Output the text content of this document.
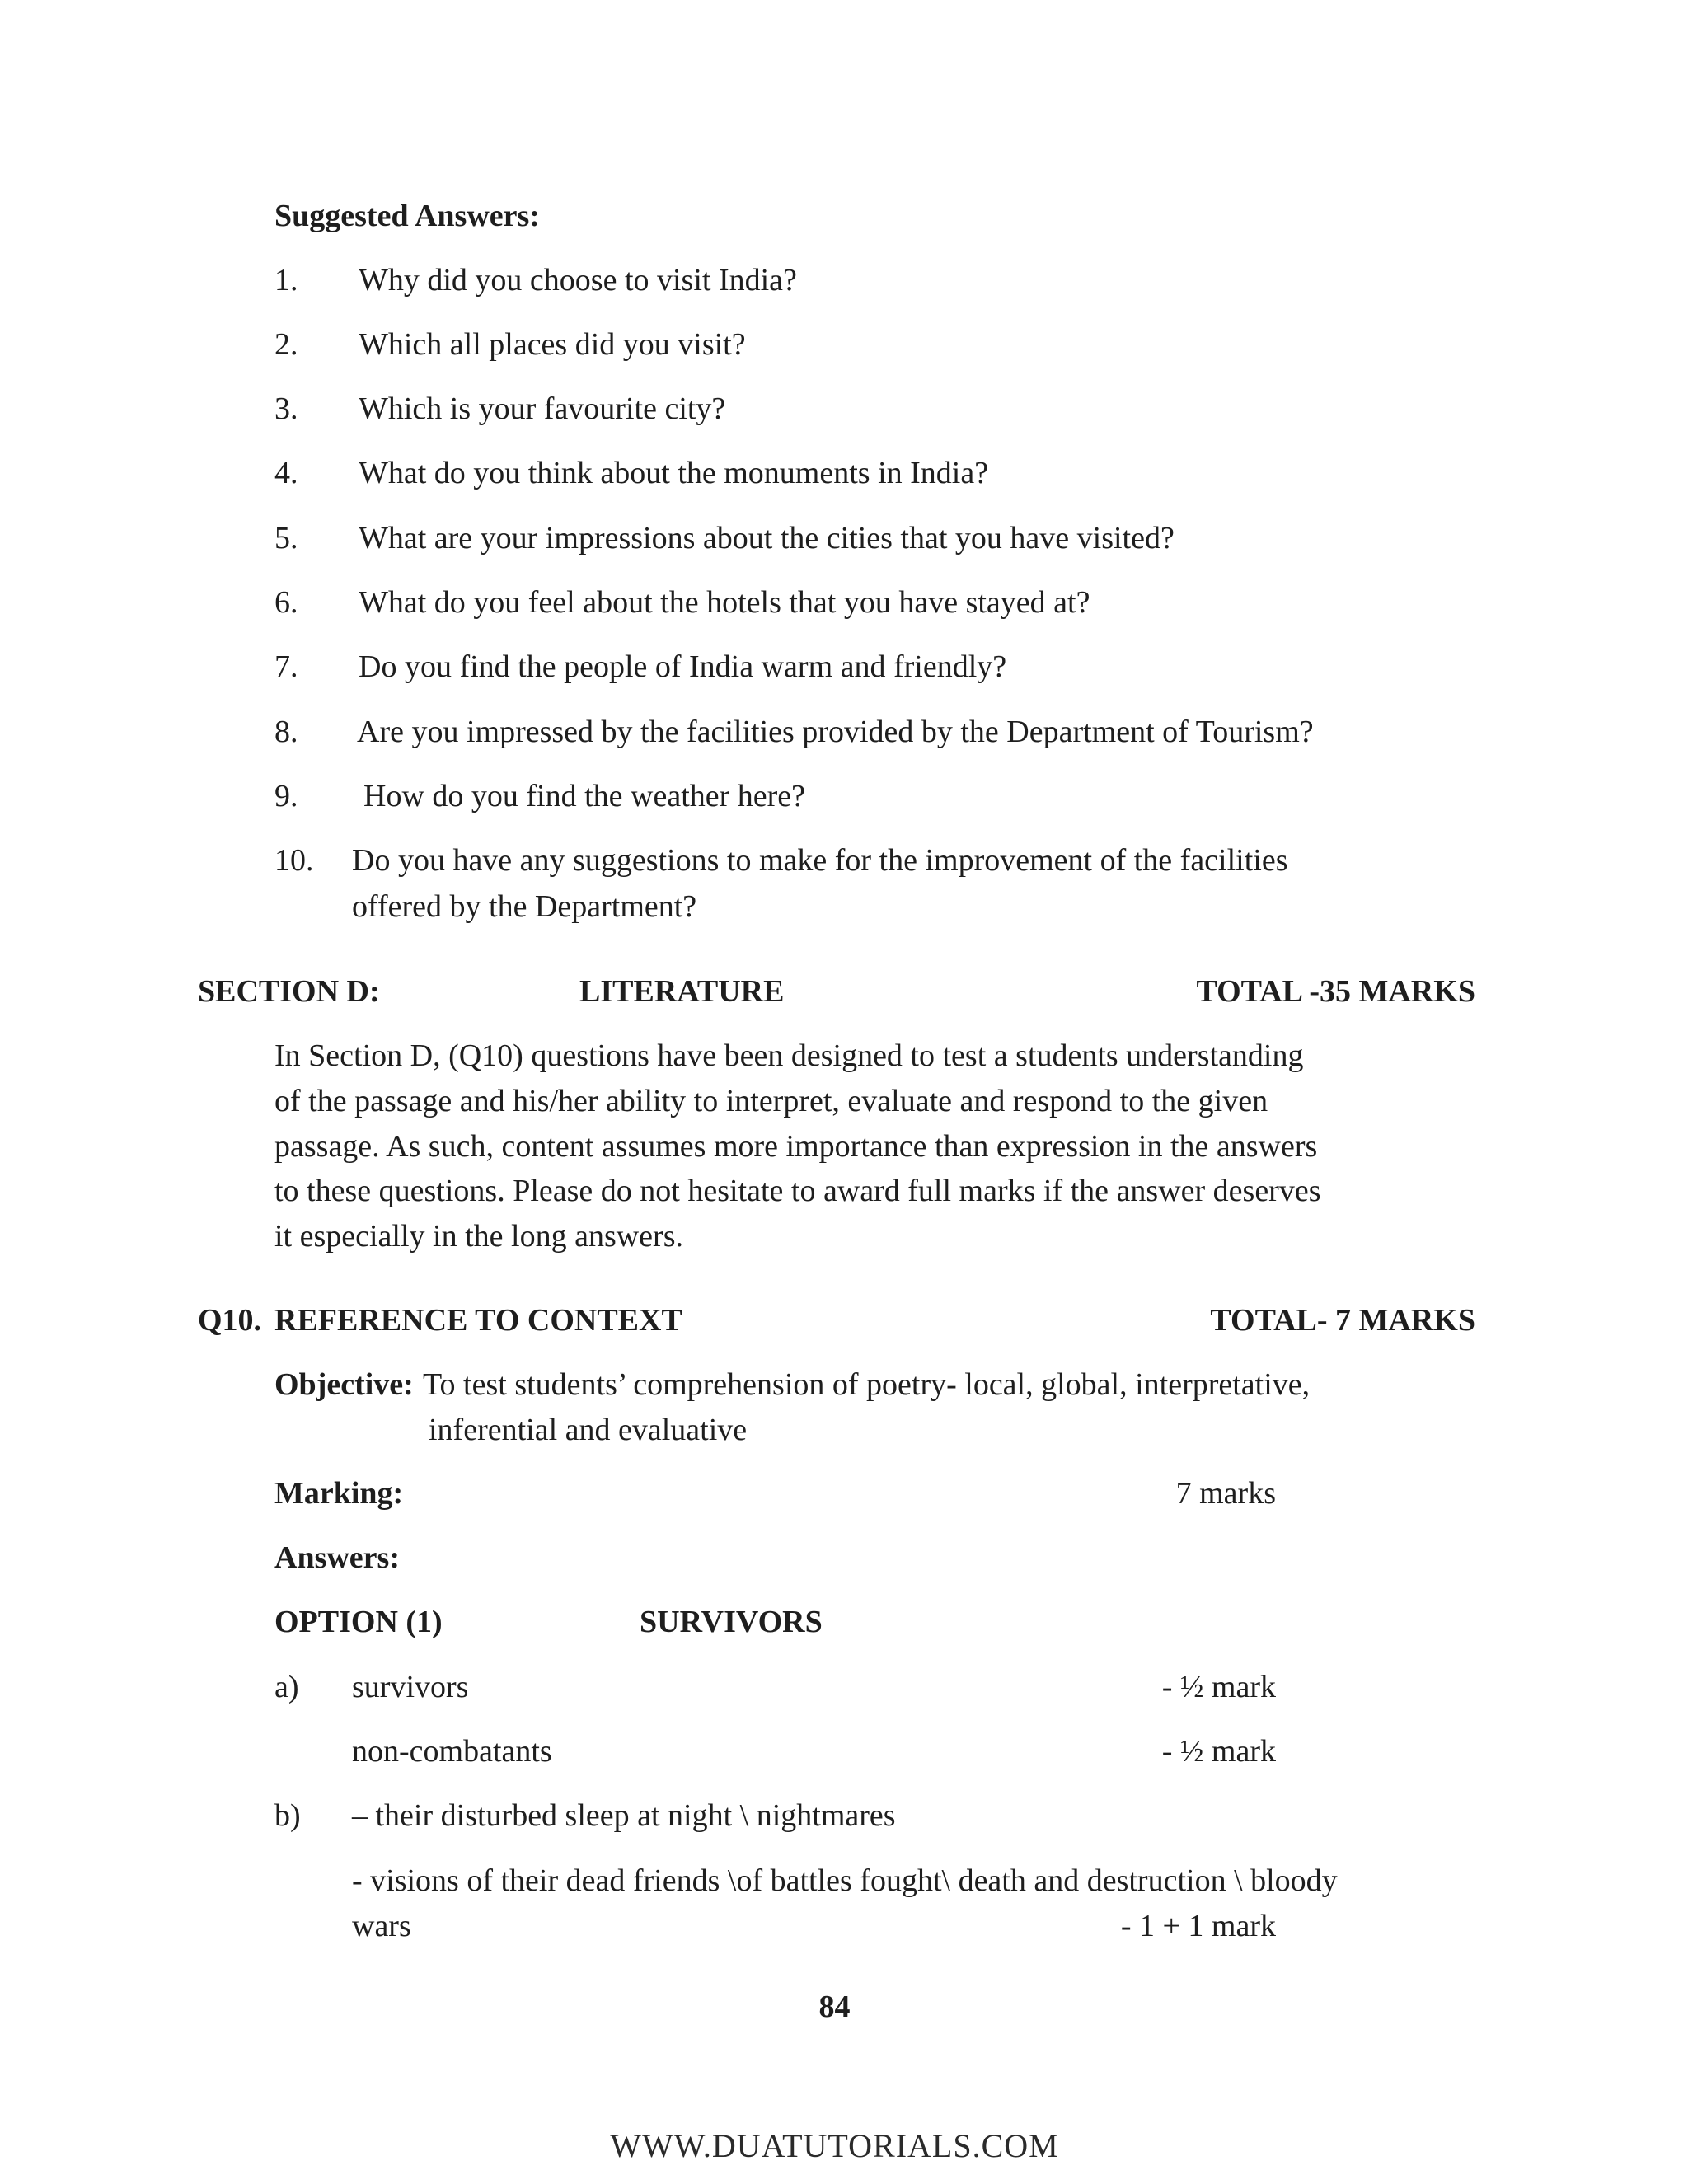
Suggested Answers:
1. Why did you choose to visit India?
2. Which all places did you visit?
3. Which is your favourite city?
4. What do you think about the monuments in India?
5. What are your impressions about the cities that you have visited?
6. What do you feel about the hotels that you have stayed at?
7. Do you find the people of India warm and friendly?
8. Are you impressed by the facilities provided by the Department of Tourism?
9. How do you find the weather here?
10. Do you have any suggestions to make for the improvement of the facilities
offered by the Department?
SECTION D:	LITERATURE	TOTAL -35 MARKS
In Section D, (Q10) questions have been designed to test a students understanding
of the passage and his/her ability to interpret, evaluate and respond to the given
passage. As such, content assumes more importance than expression in the answers
to these questions. Please do not hesitate to award full marks if the answer deserves
it especially in the long answers.
Q10. REFERENCE TO CONTEXT	TOTAL- 7 MARKS
Objective: To test students’ comprehension of poetry- local, global, interpretative,
inferential and evaluative
Marking:	7 marks
Answers:
OPTION (1)	SURVIVORS
a) survivors	- ½ mark
non-combatants	- ½ mark
b) – their disturbed sleep at night \ nightmares
- visions of their dead friends \of battles fought\ death and destruction \ bloody
wars	- 1 + 1 mark
84
WWW.DUATUTORIALS.COM
